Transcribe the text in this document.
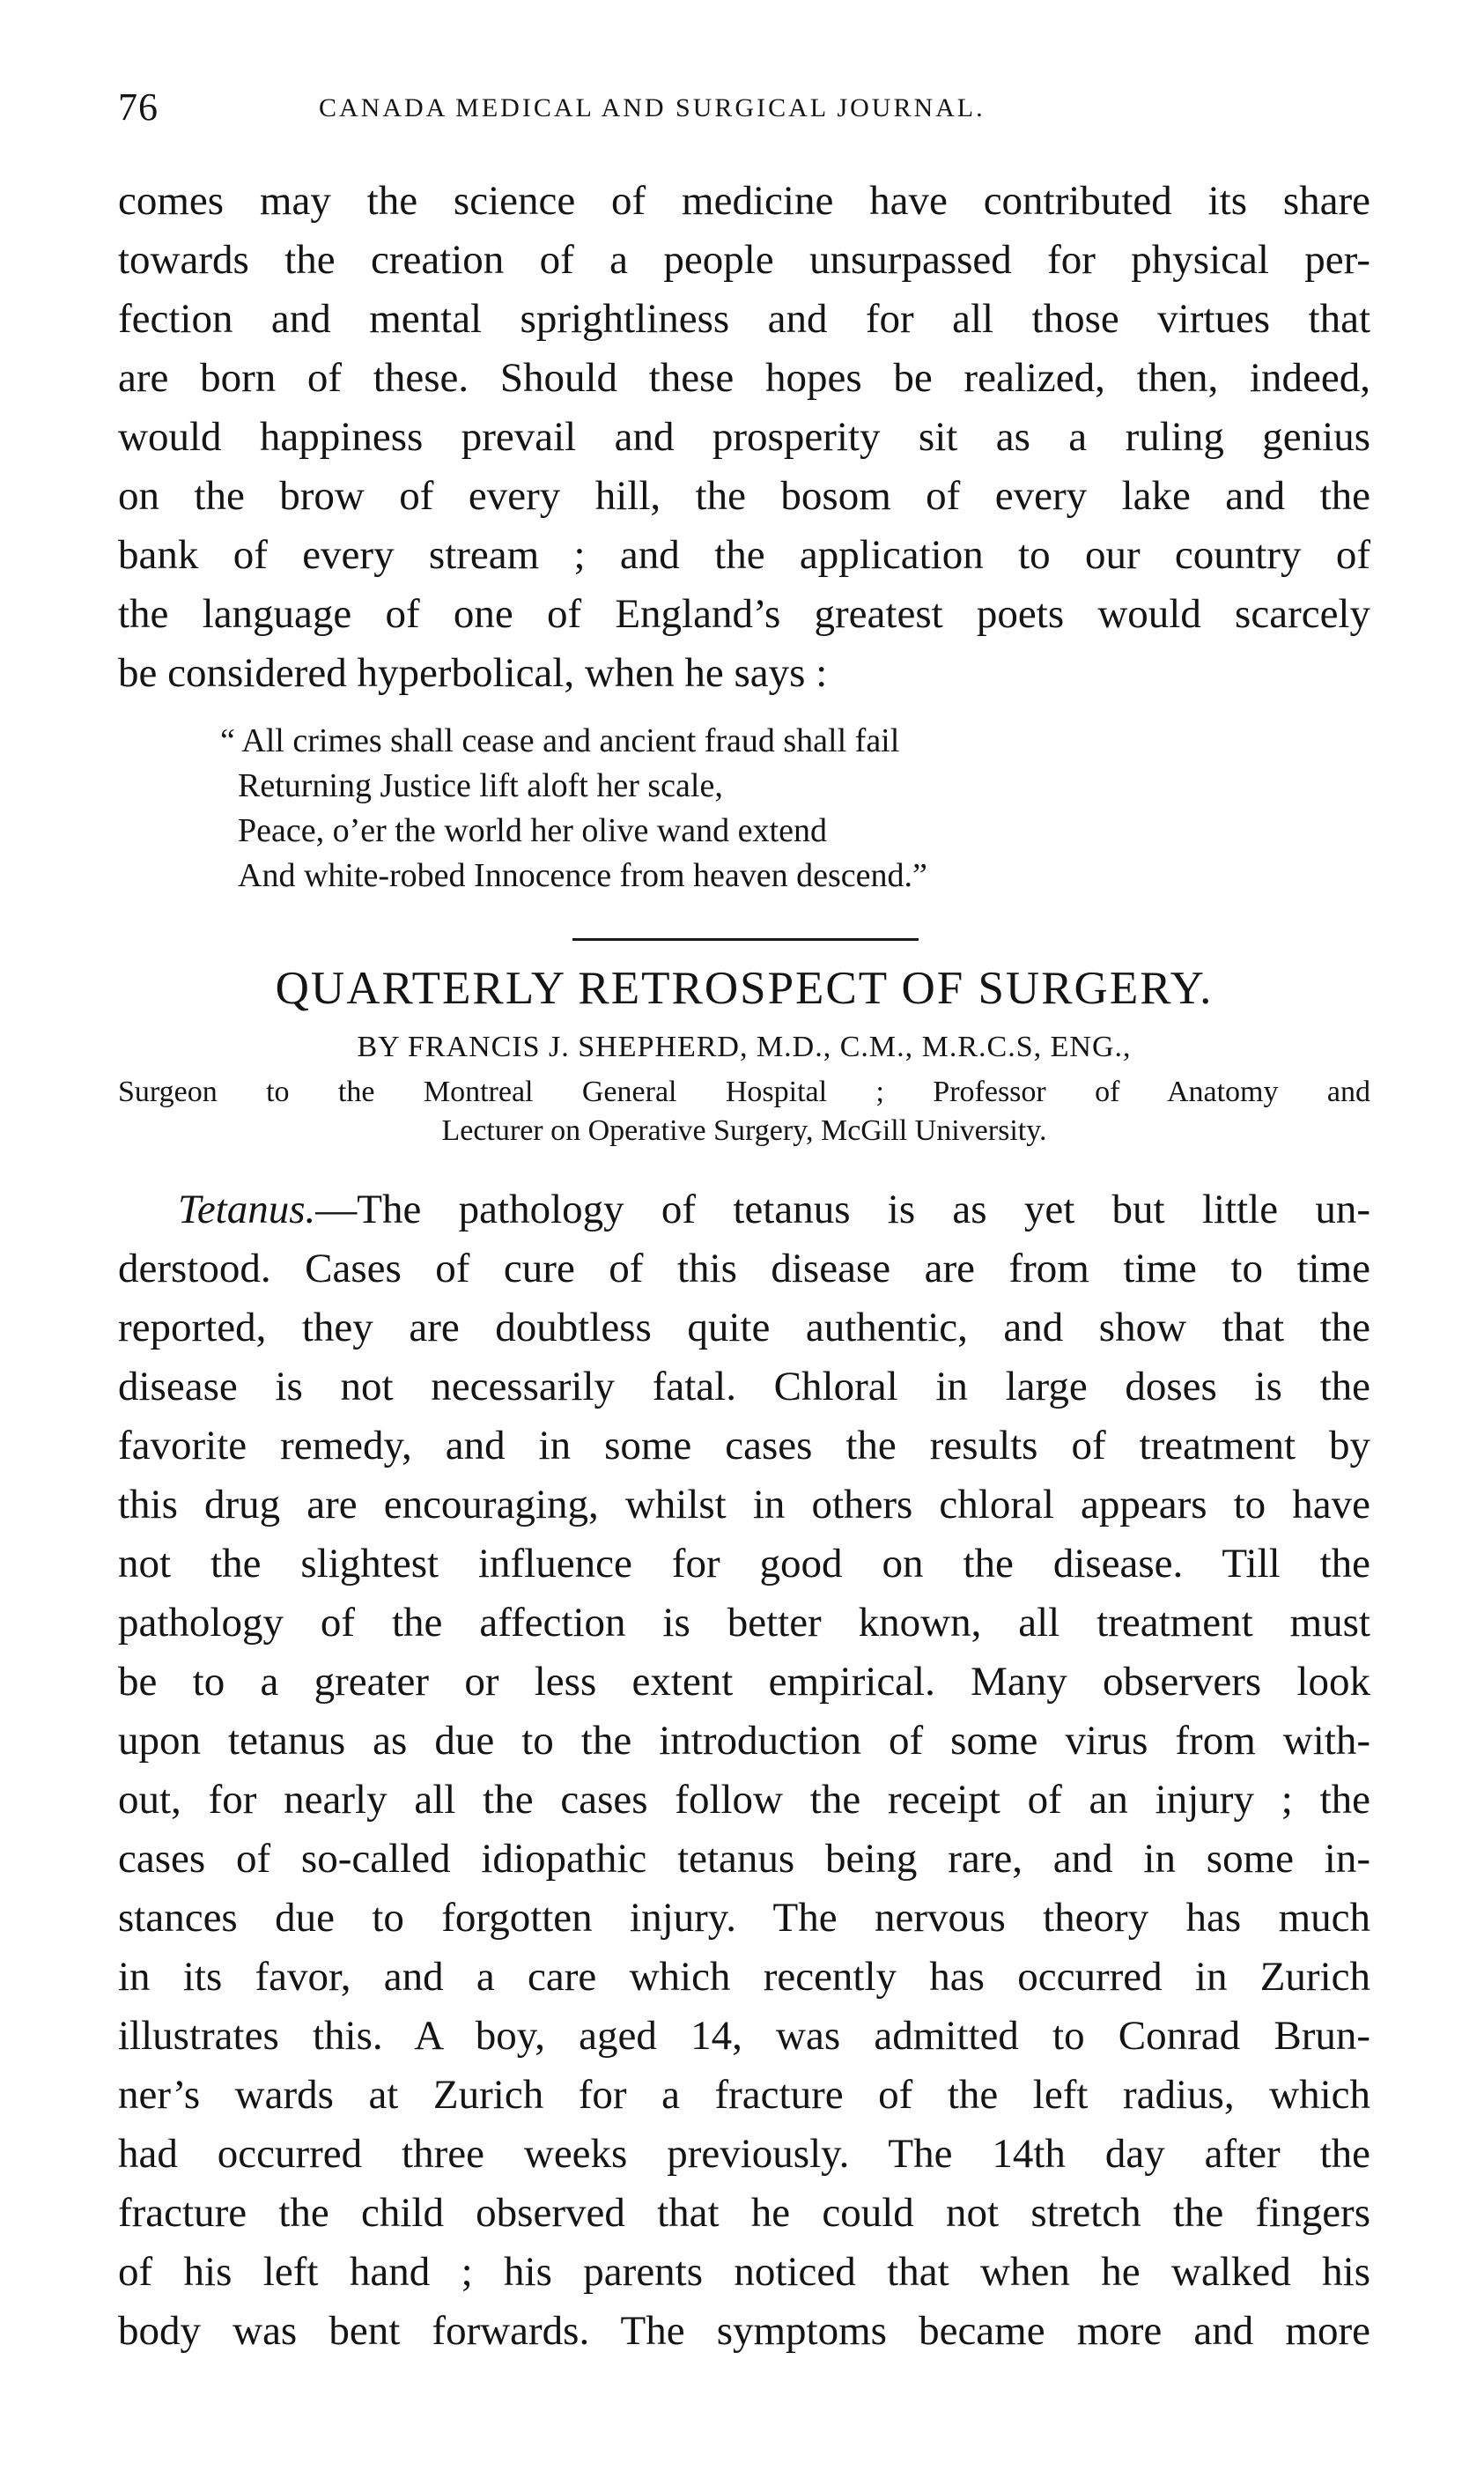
76	CANADA MEDICAL AND SURGICAL JOURNAL.
comes may the science of medicine have contributed its share
towards the creation of a people unsurpassed for physical per-
fection and mental sprightliness and for all those virtues that
are born of these. Should these hopes be realized, then, indeed,
would happiness prevail and prosperity sit as a ruling genius
on the brow of every hill, the bosom of every lake and the
bank of every stream ; and the application to our country of
the language of one of England’s greatest poets would scarcely
be considered hyperbolical, when he says :
“ All crimes shall cease and ancient fraud shall fail
Returning Justice lift aloft her scale,
Peace, o’er the world her olive wand extend
And white-robed Innocence from heaven descend.”
QUARTERLY RETROSPECT OF SURGERY.
BY FRANCIS J. SHEPHERD, M.D., C.M., M.R.C.S, ENG.,
Surgeon to the Montreal General Hospital ; Professor of Anatomy and
Lecturer on Operative Surgery, McGill University.
Tetanus.—The pathology of tetanus is as yet but little un-
derstood. Cases of cure of this disease are from time to time
reported, they are doubtless quite authentic, and show that the
disease is not necessarily fatal. Chloral in large doses is the
favorite remedy, and in some cases the results of treatment by
this drug are encouraging, whilst in others chloral appears to have
not the slightest influence for good on the disease. Till the
pathology of the affection is better known, all treatment must
be to a greater or less extent empirical. Many observers look
upon tetanus as due to the introduction of some virus from with-
out, for nearly all the cases follow the receipt of an injury ; the
cases of so-called idiopathic tetanus being rare, and in some in-
stances due to forgotten injury. The nervous theory has much
in its favor, and a care which recently has occurred in Zurich
illustrates this. A boy, aged 14, was admitted to Conrad Brun-
ner’s wards at Zurich for a fracture of the left radius, which
had occurred three weeks previously. The 14th day after the
fracture the child observed that he could not stretch the fingers
of his left hand ; his parents noticed that when he walked his
body was bent forwards. The symptoms became more and more
